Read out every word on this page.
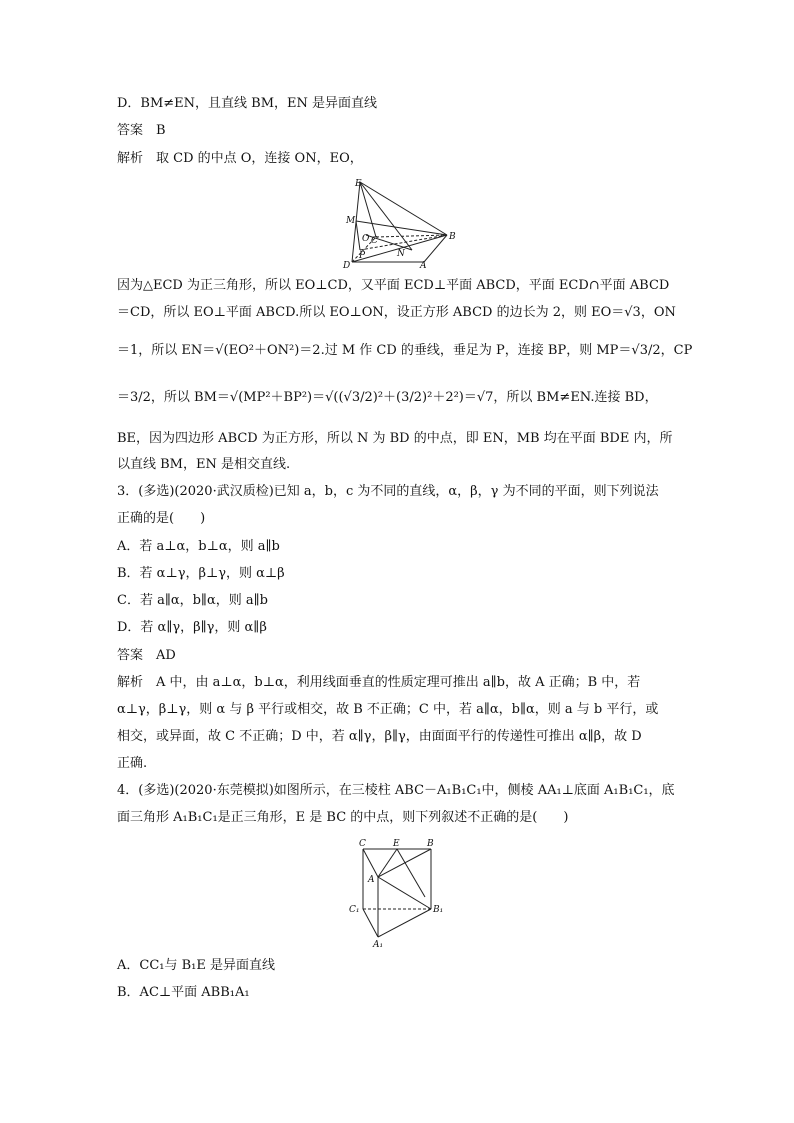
D．BM≠EN，且直线 BM，EN 是异面直线
答案　B
解析　取 CD 的中点 O，连接 ON，EO，
E
M
O C
N
B
D
P
A
因为△ECD 为正三角形，所以 EO⊥CD，又平面 ECD⊥平面 ABCD，平面 ECD∩平面 ABCD
＝CD，所以 EO⊥平面 ABCD.所以 EO⊥ON，设正方形 ABCD 的边长为 2，则 EO＝√3，ON
＝1，所以 EN＝√(EO²＋ON²)＝2.过 M 作 CD 的垂线，垂足为 P，连接 BP，则 MP＝√3/2，CP
＝3/2，所以 BM＝√(MP²＋BP²)＝√((√3/2)²＋(3/2)²＋2²)＝√7，所以 BM≠EN.连接 BD，
BE，因为四边形 ABCD 为正方形，所以 N 为 BD 的中点，即 EN，MB 均在平面 BDE 内，所
以直线 BM，EN 是相交直线.
3．(多选)(2020·武汉质检)已知 a，b，c 为不同的直线，α，β，γ 为不同的平面，则下列说法
正确的是(　　)
A．若 a⊥α，b⊥α，则 a∥b
B．若 α⊥γ，β⊥γ，则 α⊥β
C．若 a∥α，b∥α，则 a∥b
D．若 α∥γ，β∥γ，则 α∥β
答案　AD
解析　A 中，由 a⊥α，b⊥α，利用线面垂直的性质定理可推出 a∥b，故 A 正确；B 中，若
α⊥γ，β⊥γ，则 α 与 β 平行或相交，故 B 不正确；C 中，若 a∥α，b∥α，则 a 与 b 平行，或
相交，或异面，故 C 不正确；D 中，若 α∥γ，β∥γ，由面面平行的传递性可推出 α∥β，故 D
正确.
4．(多选)(2020·东莞模拟)如图所示，在三棱柱 ABC－A₁B₁C₁中，侧棱 AA₁⊥底面 A₁B₁C₁，底
面三角形 A₁B₁C₁是正三角形，E 是 BC 的中点，则下列叙述不正确的是(　　)
C	E	B
A
C₁	B₁
A₁
A．CC₁与 B₁E 是异面直线
B．AC⊥平面 ABB₁A₁
